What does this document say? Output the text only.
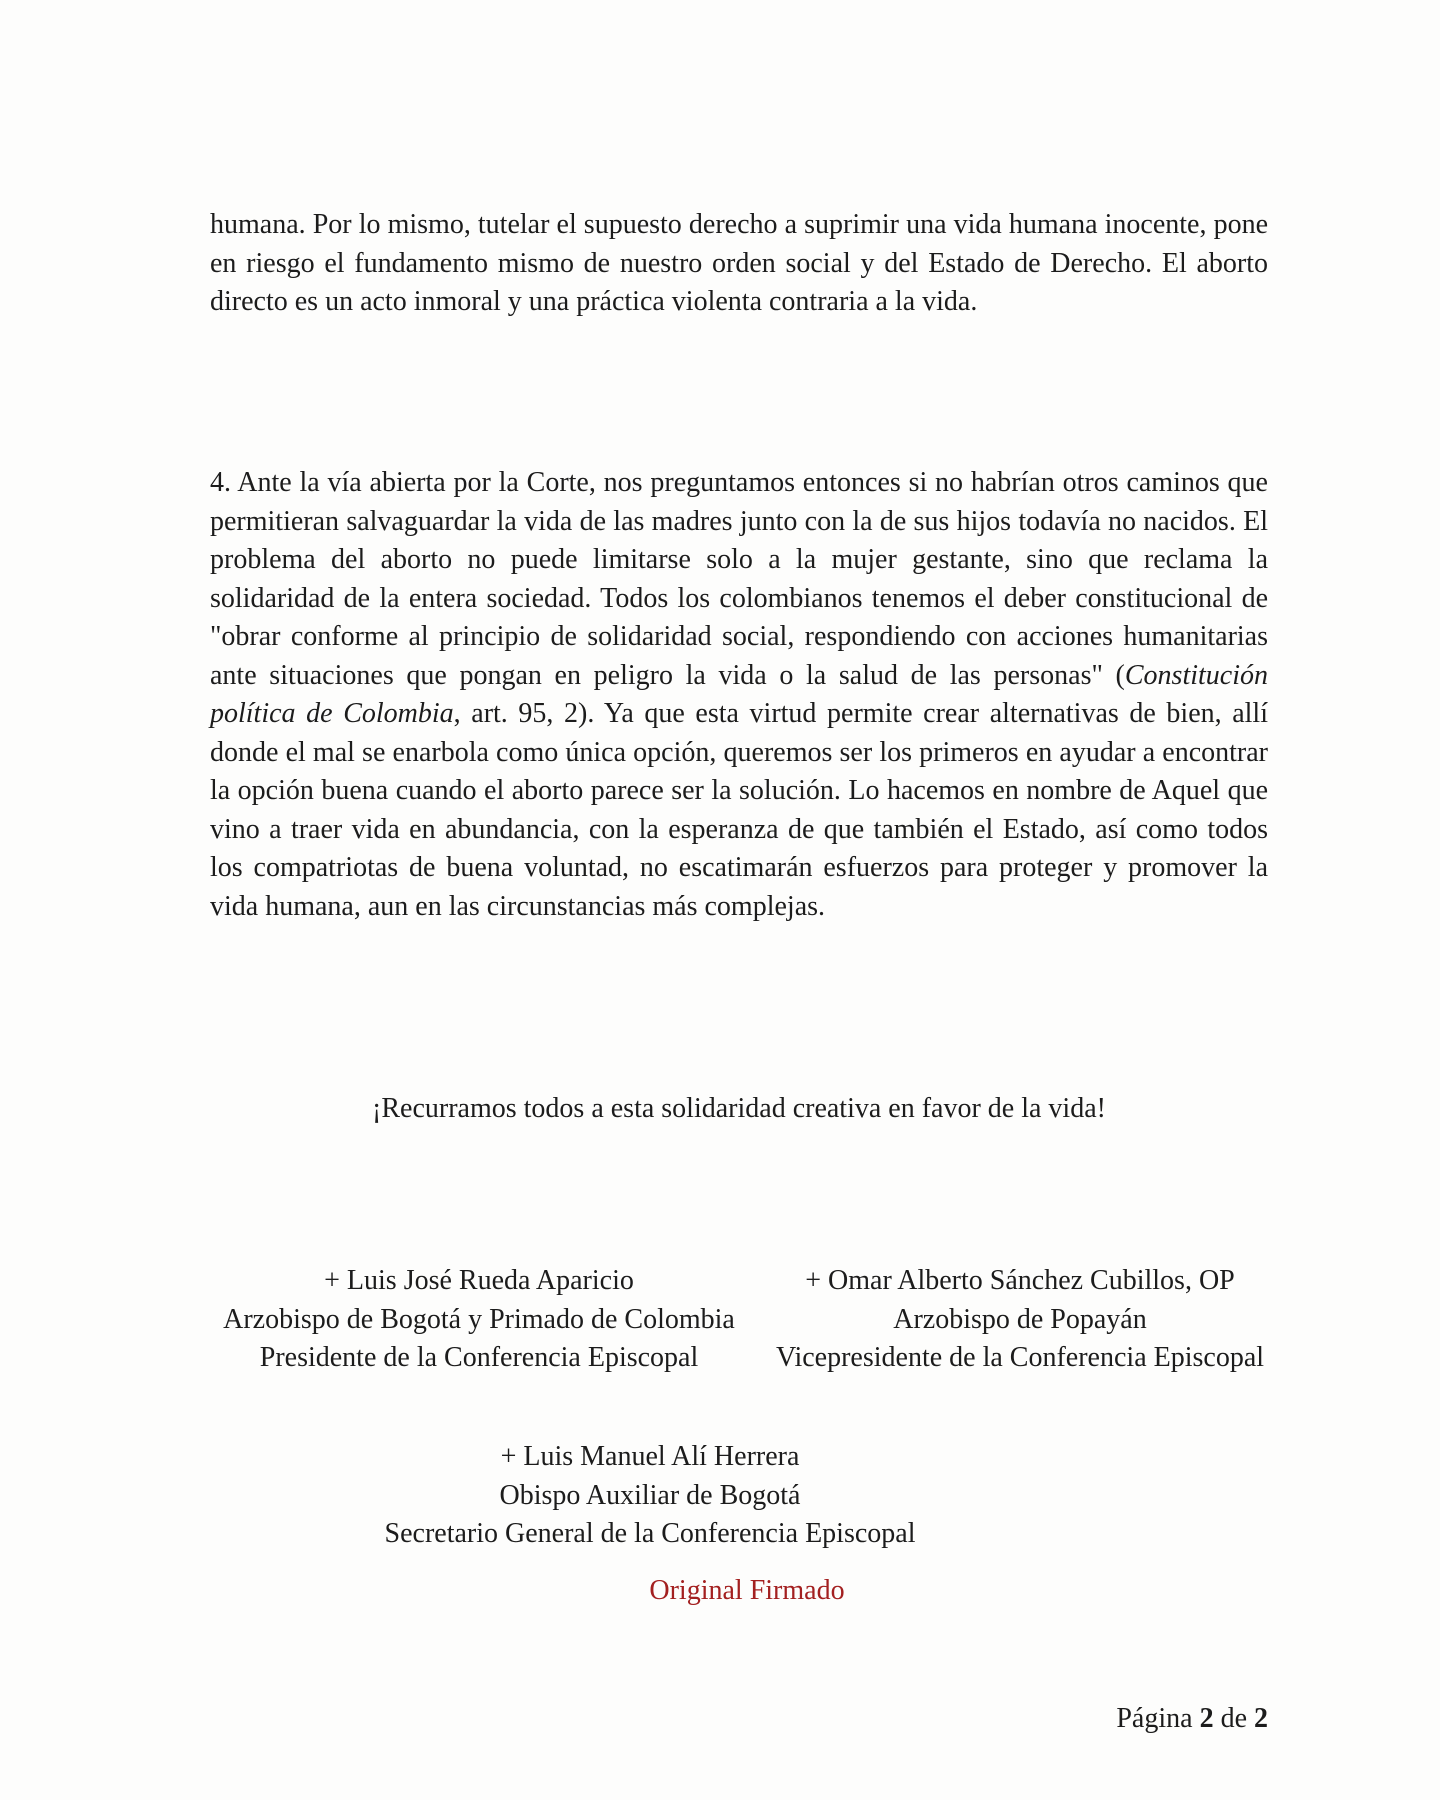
humana. Por lo mismo, tutelar el supuesto derecho a suprimir una vida humana inocente, pone en riesgo el fundamento mismo de nuestro orden social y del Estado de Derecho. El aborto directo es un acto inmoral y una práctica violenta contraria a la vida.

4. Ante la vía abierta por la Corte, nos preguntamos entonces si no habrían otros caminos que permitieran salvaguardar la vida de las madres junto con la de sus hijos todavía no nacidos. El problema del aborto no puede limitarse solo a la mujer gestante, sino que reclama la solidaridad de la entera sociedad. Todos los colombianos tenemos el deber constitucional de "obrar conforme al principio de solidaridad social, respondiendo con acciones humanitarias ante situaciones que pongan en peligro la vida o la salud de las personas" (Constitución política de Colombia, art. 95, 2). Ya que esta virtud permite crear alternativas de bien, allí donde el mal se enarbola como única opción, queremos ser los primeros en ayudar a encontrar la opción buena cuando el aborto parece ser la solución. Lo hacemos en nombre de Aquel que vino a traer vida en abundancia, con la esperanza de que también el Estado, así como todos los compatriotas de buena voluntad, no escatimarán esfuerzos para proteger y promover la vida humana, aun en las circunstancias más complejas.

¡Recurramos todos a esta solidaridad creativa en favor de la vida!

+ Luis José Rueda Aparicio
Arzobispo de Bogotá y Primado de Colombia
Presidente de la Conferencia Episcopal
+ Omar Alberto Sánchez Cubillos, OP
Arzobispo de Popayán
Vicepresidente de la Conferencia Episcopal
+ Luis Manuel Alí Herrera
Obispo Auxiliar de Bogotá
Secretario General de la Conferencia Episcopal

Original Firmado

Página 2 de 2
